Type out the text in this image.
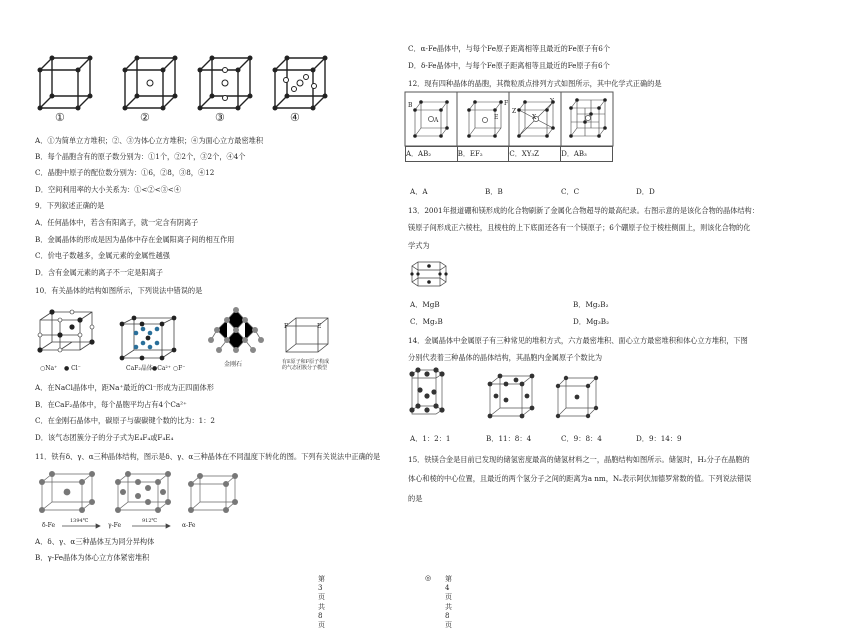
①	②	③	④
A．①为简单立方堆积；②、③为体心立方堆积；④为面心立方最密堆积
B．每个晶胞含有的原子数分别为：①1个，②2个，③2个，④4个
C．晶胞中原子的配位数分别为：①6，②8，③8，④12
D．空间利用率的大小关系为：①<②<③<④
9．下列叙述正确的是
A．任何晶体中，若含有阳离子，就一定含有阴离子
B．金属晶体的形成是因为晶体中存在金属阳离子间的相互作用
C．价电子数越多，金属元素的金属性越强
D．含有金属元素的离子不一定是阳离子
10．有关晶体的结构如图所示，下列说法中错误的是
○Na⁺ ● Cl⁻	CaF₂晶体 ●Ca²⁺ ○F⁻
金刚石
F	E
有E原子和F原子构成
的气态团簇分子模型
A．在NaCl晶体中，距Na⁺最近的Cl⁻形成为正四面体形
B．在CaF₂晶体中，每个晶胞平均占有4个Ca²⁺
C．在金刚石晶体中，碳原子与碳碳键个数的比为：1：2
D．该气态团簇分子的分子式为E₄F₄或F₄E₄
11．铁有δ、γ、α三种晶体结构，图示是δ、γ、α三种晶体在不同温度下转化的图。下列有关说法中正确的是
δ-Fe
1394℃
γ-Fe
912℃
α-Fe
A．δ、γ、α三种晶体互为同分异构体
B．γ-Fe晶体为体心立方体紧密堆积
第3页 共8页
◎
C．α-Fe晶体中，与每个Fe原子距离相等且最近的Fe原子有6个
D．δ-Fe晶体中，与每个Fe原子距离相等且最近的Fe原子有6个
12．现有四种晶体的晶胞，其微粒质点排列方式如图所示，其中化学式正确的是
B
A
F
E
Z
X
Y
A．AB₂	B．EF₂	C．XY₃Z	D．AB₃
A．A	B．B	C．C	D．D
13．2001年报道硼和镁形成的化合物刷新了金属化合物超导的最高纪录。右图示意的是该化合物的晶体结构：
镁原子间形成正六棱柱，且棱柱的上下底面还各有一个镁原子；6个硼原子位于棱柱侧面上，则该化合物的化
学式为
A．MgB	B．Mg₂B₂
C．Mg₂B	D．Mg₃B₂
14．金属晶体中金属原子有三种常见的堆积方式，六方最密堆积、面心立方最密堆积和体心立方堆积，下图
分别代表着三种晶体的晶体结构，其晶胞内金属原子个数比为
A．1：2：1	B．11：8：4	C．9：8：4	D．9：14：9
15．铁镁合金是目前已发现的储氢密度最高的储氢材料之一，晶胞结构如图所示。储氢时，H₂分子在晶胞的
体心和棱的中心位置，且最近的两个氢分子之间的距离为a nm，Nₐ表示阿伏加德罗常数的值。下列说法错误
的是
第4页 共8页
